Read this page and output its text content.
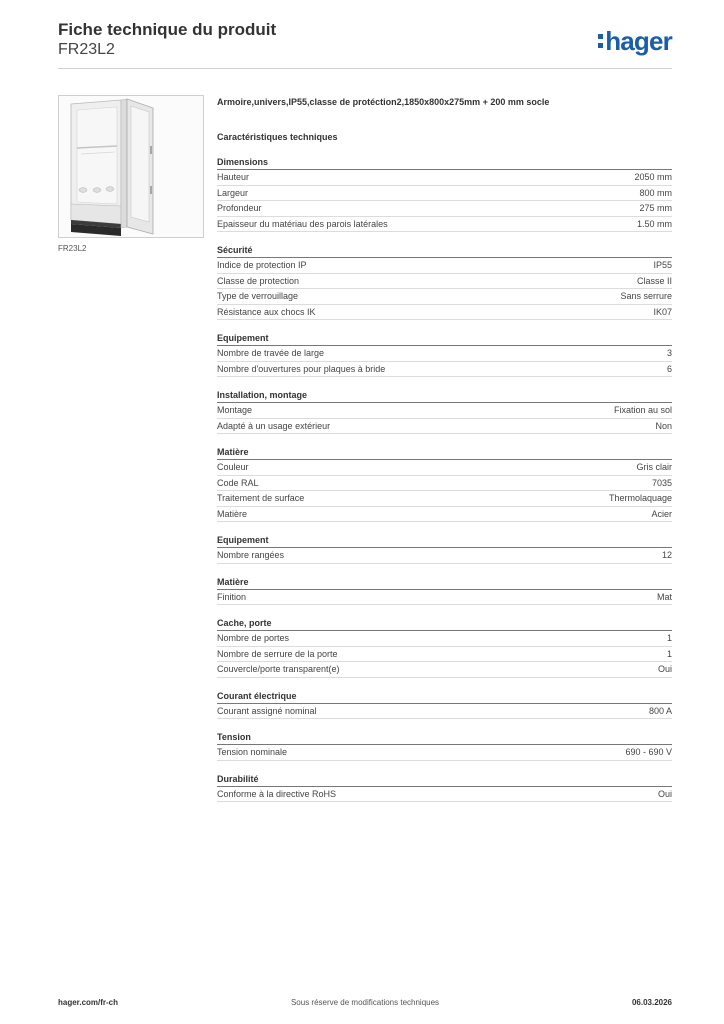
Fiche technique du produit
FR23L2	hager
FR23L2
Armoire,univers,IP55,classe de protéction2,1850x800x275mm + 200 mm socle
Caractéristiques techniques
Dimensions
Hauteur	2050 mm
Largeur	800 mm
Profondeur	275 mm
Epaisseur du matériau des parois latérales	1.50 mm
Sécurité
Indice de protection IP	IP55
Classe de protection	Classe II
Type de verrouillage	Sans serrure
Résistance aux chocs IK	IK07
Equipement
Nombre de travée de large	3
Nombre d'ouvertures pour plaques à bride	6
Installation, montage
Montage	Fixation au sol
Adapté à un usage extérieur	Non
Matière
Couleur	Gris clair
Code RAL	7035
Traitement de surface	Thermolaquage
Matière	Acier
Equipement
Nombre rangées	12
Matière
Finition	Mat
Cache, porte
Nombre de portes	1
Nombre de serrure de la porte	1
Couvercle/porte transparent(e)	Oui
Courant électrique
Courant assigné nominal	800 A
Tension
Tension nominale	690 - 690 V
Durabilité
Conforme à la directive RoHS	Oui
hager.com/fr-ch	Sous réserve de modifications techniques	06.03.2026
